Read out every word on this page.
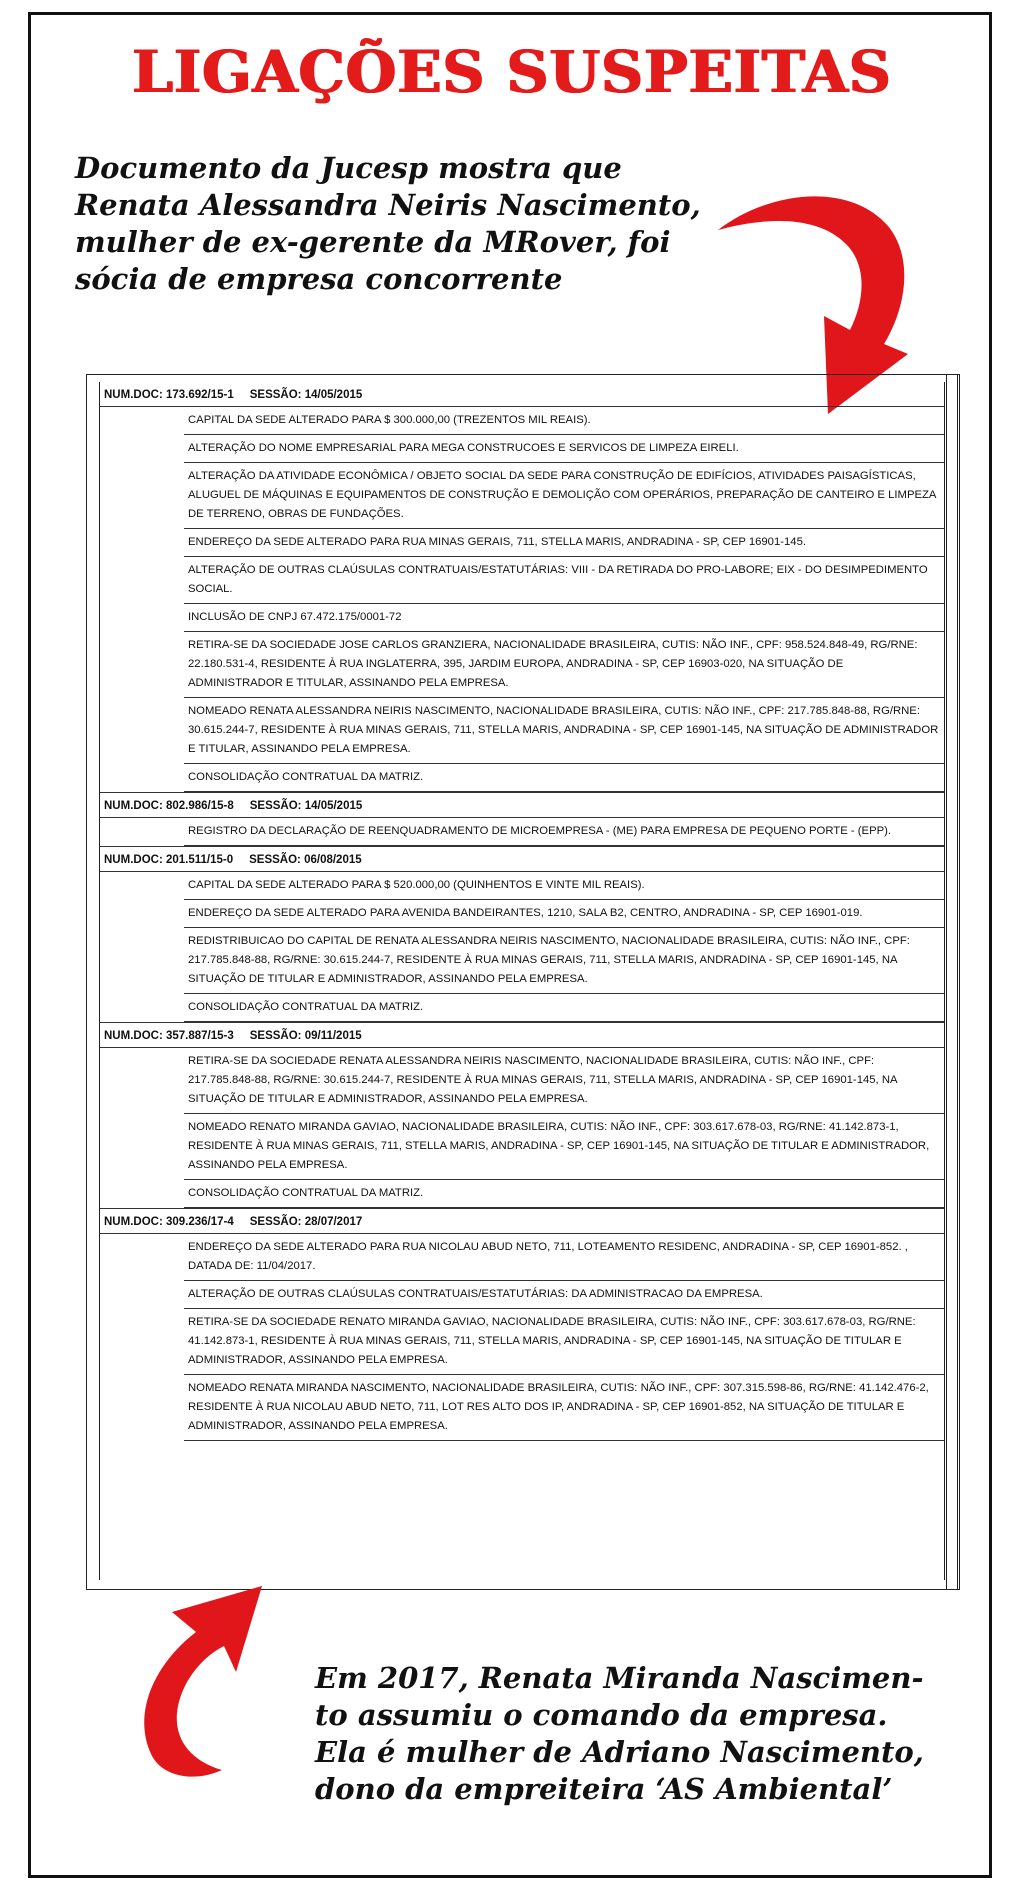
LIGAÇÕES SUSPEITAS
Documento da Jucesp mostra que
Renata Alessandra Neiris Nascimento,
mulher de ex-gerente da MRover, foi
sócia de empresa concorrente
NUM.DOC: 173.692/15-1 SESSÃO: 14/05/2015
CAPITAL DA SEDE ALTERADO PARA $ 300.000,00 (TREZENTOS MIL REAIS).
ALTERAÇÃO DO NOME EMPRESARIAL PARA MEGA CONSTRUCOES E SERVICOS DE LIMPEZA EIRELI.
ALTERAÇÃO DA ATIVIDADE ECONÔMICA / OBJETO SOCIAL DA SEDE PARA CONSTRUÇÃO DE EDIFÍCIOS, ATIVIDADES PAISAGÍSTICAS, ALUGUEL DE MÁQUINAS E EQUIPAMENTOS DE CONSTRUÇÃO E DEMOLIÇÃO COM OPERÁRIOS, PREPARAÇÃO DE CANTEIRO E LIMPEZA DE TERRENO, OBRAS DE FUNDAÇÕES.
ENDEREÇO DA SEDE ALTERADO PARA RUA MINAS GERAIS, 711, STELLA MARIS, ANDRADINA - SP, CEP 16901-145.
ALTERAÇÃO DE OUTRAS CLAÚSULAS CONTRATUAIS/ESTATUTÁRIAS: VIII - DA RETIRADA DO PRO-LABORE; EIX - DO DESIMPEDIMENTO SOCIAL.
INCLUSÃO DE CNPJ 67.472.175/0001-72
RETIRA-SE DA SOCIEDADE JOSE CARLOS GRANZIERA, NACIONALIDADE BRASILEIRA, CUTIS: NÃO INF., CPF: 958.524.848-49, RG/RNE: 22.180.531-4, RESIDENTE À RUA INGLATERRA, 395, JARDIM EUROPA, ANDRADINA - SP, CEP 16903-020, NA SITUAÇÃO DE ADMINISTRADOR E TITULAR, ASSINANDO PELA EMPRESA.
NOMEADO RENATA ALESSANDRA NEIRIS NASCIMENTO, NACIONALIDADE BRASILEIRA, CUTIS: NÃO INF., CPF: 217.785.848-88, RG/RNE: 30.615.244-7, RESIDENTE À RUA MINAS GERAIS, 711, STELLA MARIS, ANDRADINA - SP, CEP 16901-145, NA SITUAÇÃO DE ADMINISTRADOR E TITULAR, ASSINANDO PELA EMPRESA.
CONSOLIDAÇÃO CONTRATUAL DA MATRIZ.
NUM.DOC: 802.986/15-8 SESSÃO: 14/05/2015
REGISTRO DA DECLARAÇÃO DE REENQUADRAMENTO DE MICROEMPRESA - (ME) PARA EMPRESA DE PEQUENO PORTE - (EPP).
NUM.DOC: 201.511/15-0 SESSÃO: 06/08/2015
CAPITAL DA SEDE ALTERADO PARA $ 520.000,00 (QUINHENTOS E VINTE MIL REAIS).
ENDEREÇO DA SEDE ALTERADO PARA AVENIDA BANDEIRANTES, 1210, SALA B2, CENTRO, ANDRADINA - SP, CEP 16901-019.
REDISTRIBUICAO DO CAPITAL DE RENATA ALESSANDRA NEIRIS NASCIMENTO, NACIONALIDADE BRASILEIRA, CUTIS: NÃO INF., CPF: 217.785.848-88, RG/RNE: 30.615.244-7, RESIDENTE À RUA MINAS GERAIS, 711, STELLA MARIS, ANDRADINA - SP, CEP 16901-145, NA SITUAÇÃO DE TITULAR E ADMINISTRADOR, ASSINANDO PELA EMPRESA.
CONSOLIDAÇÃO CONTRATUAL DA MATRIZ.
NUM.DOC: 357.887/15-3 SESSÃO: 09/11/2015
RETIRA-SE DA SOCIEDADE RENATA ALESSANDRA NEIRIS NASCIMENTO, NACIONALIDADE BRASILEIRA, CUTIS: NÃO INF., CPF: 217.785.848-88, RG/RNE: 30.615.244-7, RESIDENTE À RUA MINAS GERAIS, 711, STELLA MARIS, ANDRADINA - SP, CEP 16901-145, NA SITUAÇÃO DE TITULAR E ADMINISTRADOR, ASSINANDO PELA EMPRESA.
NOMEADO RENATO MIRANDA GAVIAO, NACIONALIDADE BRASILEIRA, CUTIS: NÃO INF., CPF: 303.617.678-03, RG/RNE: 41.142.873-1, RESIDENTE À RUA MINAS GERAIS, 711, STELLA MARIS, ANDRADINA - SP, CEP 16901-145, NA SITUAÇÃO DE TITULAR E ADMINISTRADOR, ASSINANDO PELA EMPRESA.
CONSOLIDAÇÃO CONTRATUAL DA MATRIZ.
NUM.DOC: 309.236/17-4 SESSÃO: 28/07/2017
ENDEREÇO DA SEDE ALTERADO PARA RUA NICOLAU ABUD NETO, 711, LOTEAMENTO RESIDENC, ANDRADINA - SP, CEP 16901-852. , DATADA DE: 11/04/2017.
ALTERAÇÃO DE OUTRAS CLAÚSULAS CONTRATUAIS/ESTATUTÁRIAS: DA ADMINISTRACAO DA EMPRESA.
RETIRA-SE DA SOCIEDADE RENATO MIRANDA GAVIAO, NACIONALIDADE BRASILEIRA, CUTIS: NÃO INF., CPF: 303.617.678-03, RG/RNE: 41.142.873-1, RESIDENTE À RUA MINAS GERAIS, 711, STELLA MARIS, ANDRADINA - SP, CEP 16901-145, NA SITUAÇÃO DE TITULAR E ADMINISTRADOR, ASSINANDO PELA EMPRESA.
NOMEADO RENATA MIRANDA NASCIMENTO, NACIONALIDADE BRASILEIRA, CUTIS: NÃO INF., CPF: 307.315.598-86, RG/RNE: 41.142.476-2, RESIDENTE À RUA NICOLAU ABUD NETO, 711, LOT RES ALTO DOS IP, ANDRADINA - SP, CEP 16901-852, NA SITUAÇÃO DE TITULAR E ADMINISTRADOR, ASSINANDO PELA EMPRESA.
Em 2017, Renata Miranda Nascimen-
to assumiu o comando da empresa.
Ela é mulher de Adriano Nascimento,
dono da empreiteira ‘AS Ambiental’
